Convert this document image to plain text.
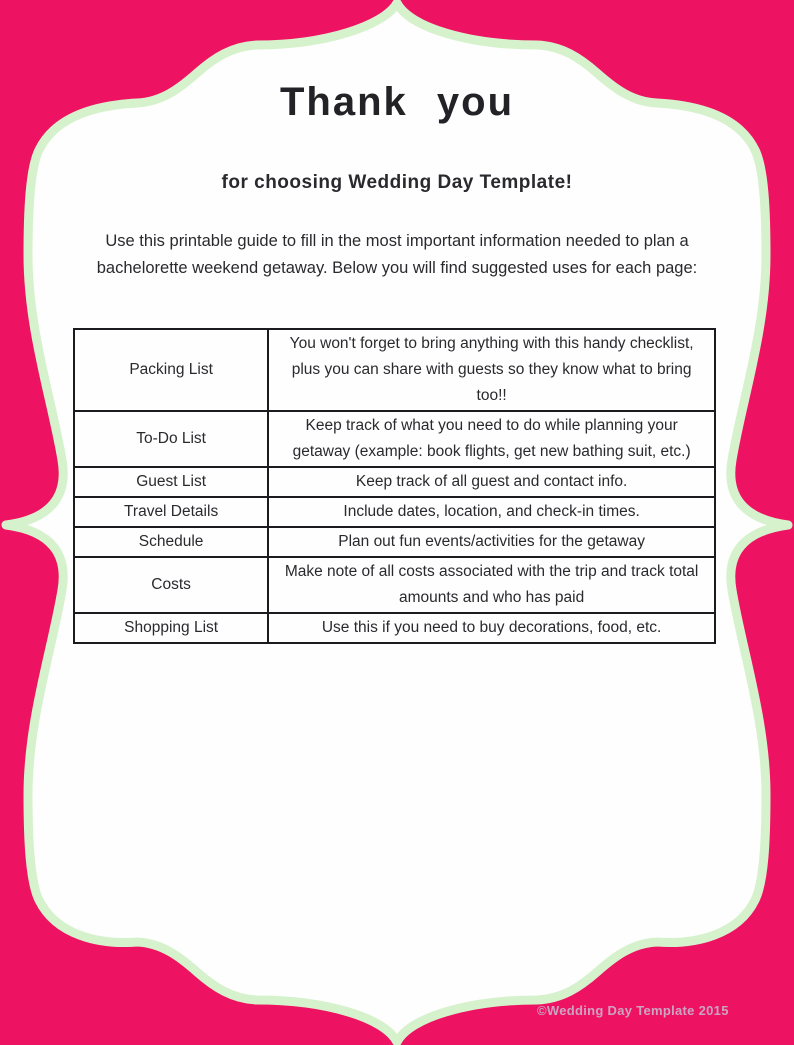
Thank you
for choosing Wedding Day Template!
Use this printable guide to fill in the most important information needed to plan a
bachelorette weekend getaway. Below you will find suggested uses for each page:
Packing List	You won't forget to bring anything with this handy checklist, plus you can share with guests so they know what to bring too!!
To-Do List	Keep track of what you need to do while planning your getaway (example: book flights, get new bathing suit, etc.)
Guest List	Keep track of all guest and contact info.
Travel Details	Include dates, location, and check-in times.
Schedule	Plan out fun events/activities for the getaway
Costs	Make note of all costs associated with the trip and track total amounts and who has paid
Shopping List	Use this if you need to buy decorations, food, etc.
©Wedding Day Template 2015
